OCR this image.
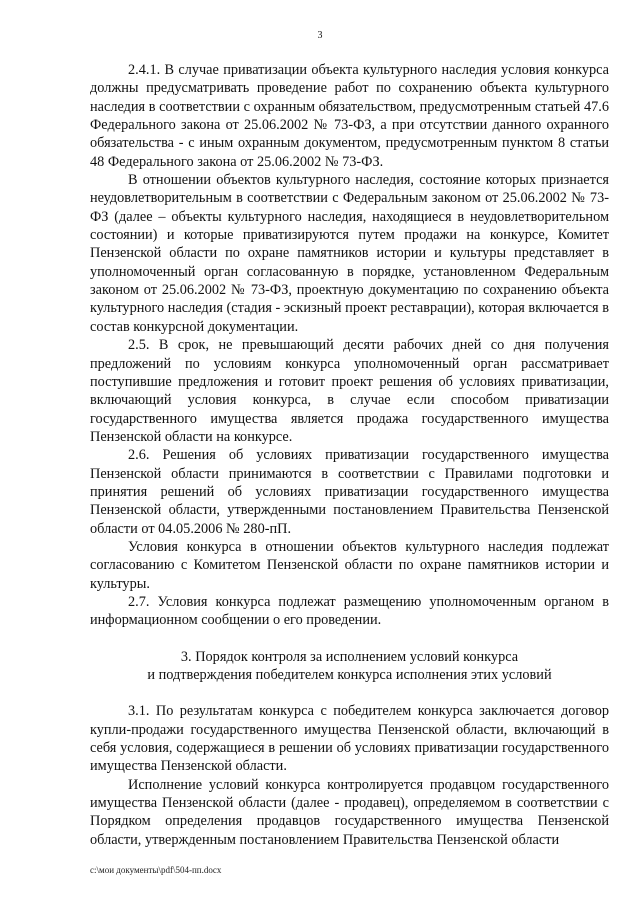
3

2.4.1. В случае приватизации объекта культурного наследия условия конкурса должны предусматривать проведение работ по сохранению объекта культурного наследия в соответствии с охранным обязательством, предусмотренным статьей 47.6 Федерального закона от 25.06.2002 № 73-ФЗ, а при отсутствии данного охранного обязательства - с иным охранным документом, предусмотренным пунктом 8 статьи 48 Федерального закона от 25.06.2002 № 73-ФЗ.

В отношении объектов культурного наследия, состояние которых признается неудовлетворительным в соответствии с Федеральным законом от 25.06.2002 № 73-ФЗ (далее – объекты культурного наследия, находящиеся в неудовлетворительном состоянии) и которые приватизируются путем продажи на конкурсе, Комитет Пензенской области по охране памятников истории и культуры представляет в уполномоченный орган согласованную в порядке, установленном Федеральным законом от 25.06.2002 № 73-ФЗ, проектную документацию по сохранению объекта культурного наследия (стадия - эскизный проект реставрации), которая включается в состав конкурсной документации.

2.5. В срок, не превышающий десяти рабочих дней со дня получения предложений по условиям конкурса уполномоченный орган рассматривает поступившие предложения и готовит проект решения об условиях приватизации, включающий условия конкурса, в случае если способом приватизации государственного имущества является продажа государственного имущества Пензенской области на конкурсе.

2.6. Решения об условиях приватизации государственного имущества Пензенской области принимаются в соответствии с Правилами подготовки и принятия решений об условиях приватизации государственного имущества Пензенской области, утвержденными постановлением Правительства Пензенской области от 04.05.2006 № 280-пП.

Условия конкурса в отношении объектов культурного наследия подлежат согласованию с Комитетом Пензенской области по охране памятников истории и культуры.

2.7. Условия конкурса подлежат размещению уполномоченным органом в информационном сообщении о его проведении.

3. Порядок контроля за исполнением условий конкурса
и подтверждения победителем конкурса исполнения этих условий

3.1. По результатам конкурса с победителем конкурса заключается договор купли-продажи государственного имущества Пензенской области, включающий в себя условия, содержащиеся в решении об условиях приватизации государственного имущества Пензенской области.

Исполнение условий конкурса контролируется продавцом государственного имущества Пензенской области (далее - продавец), определяемом в соответствии с Порядком определения продавцов государственного имущества Пензенской области, утвержденным постановлением Правительства Пензенской области

c:\мои документы\pdf\504-пп.docx
